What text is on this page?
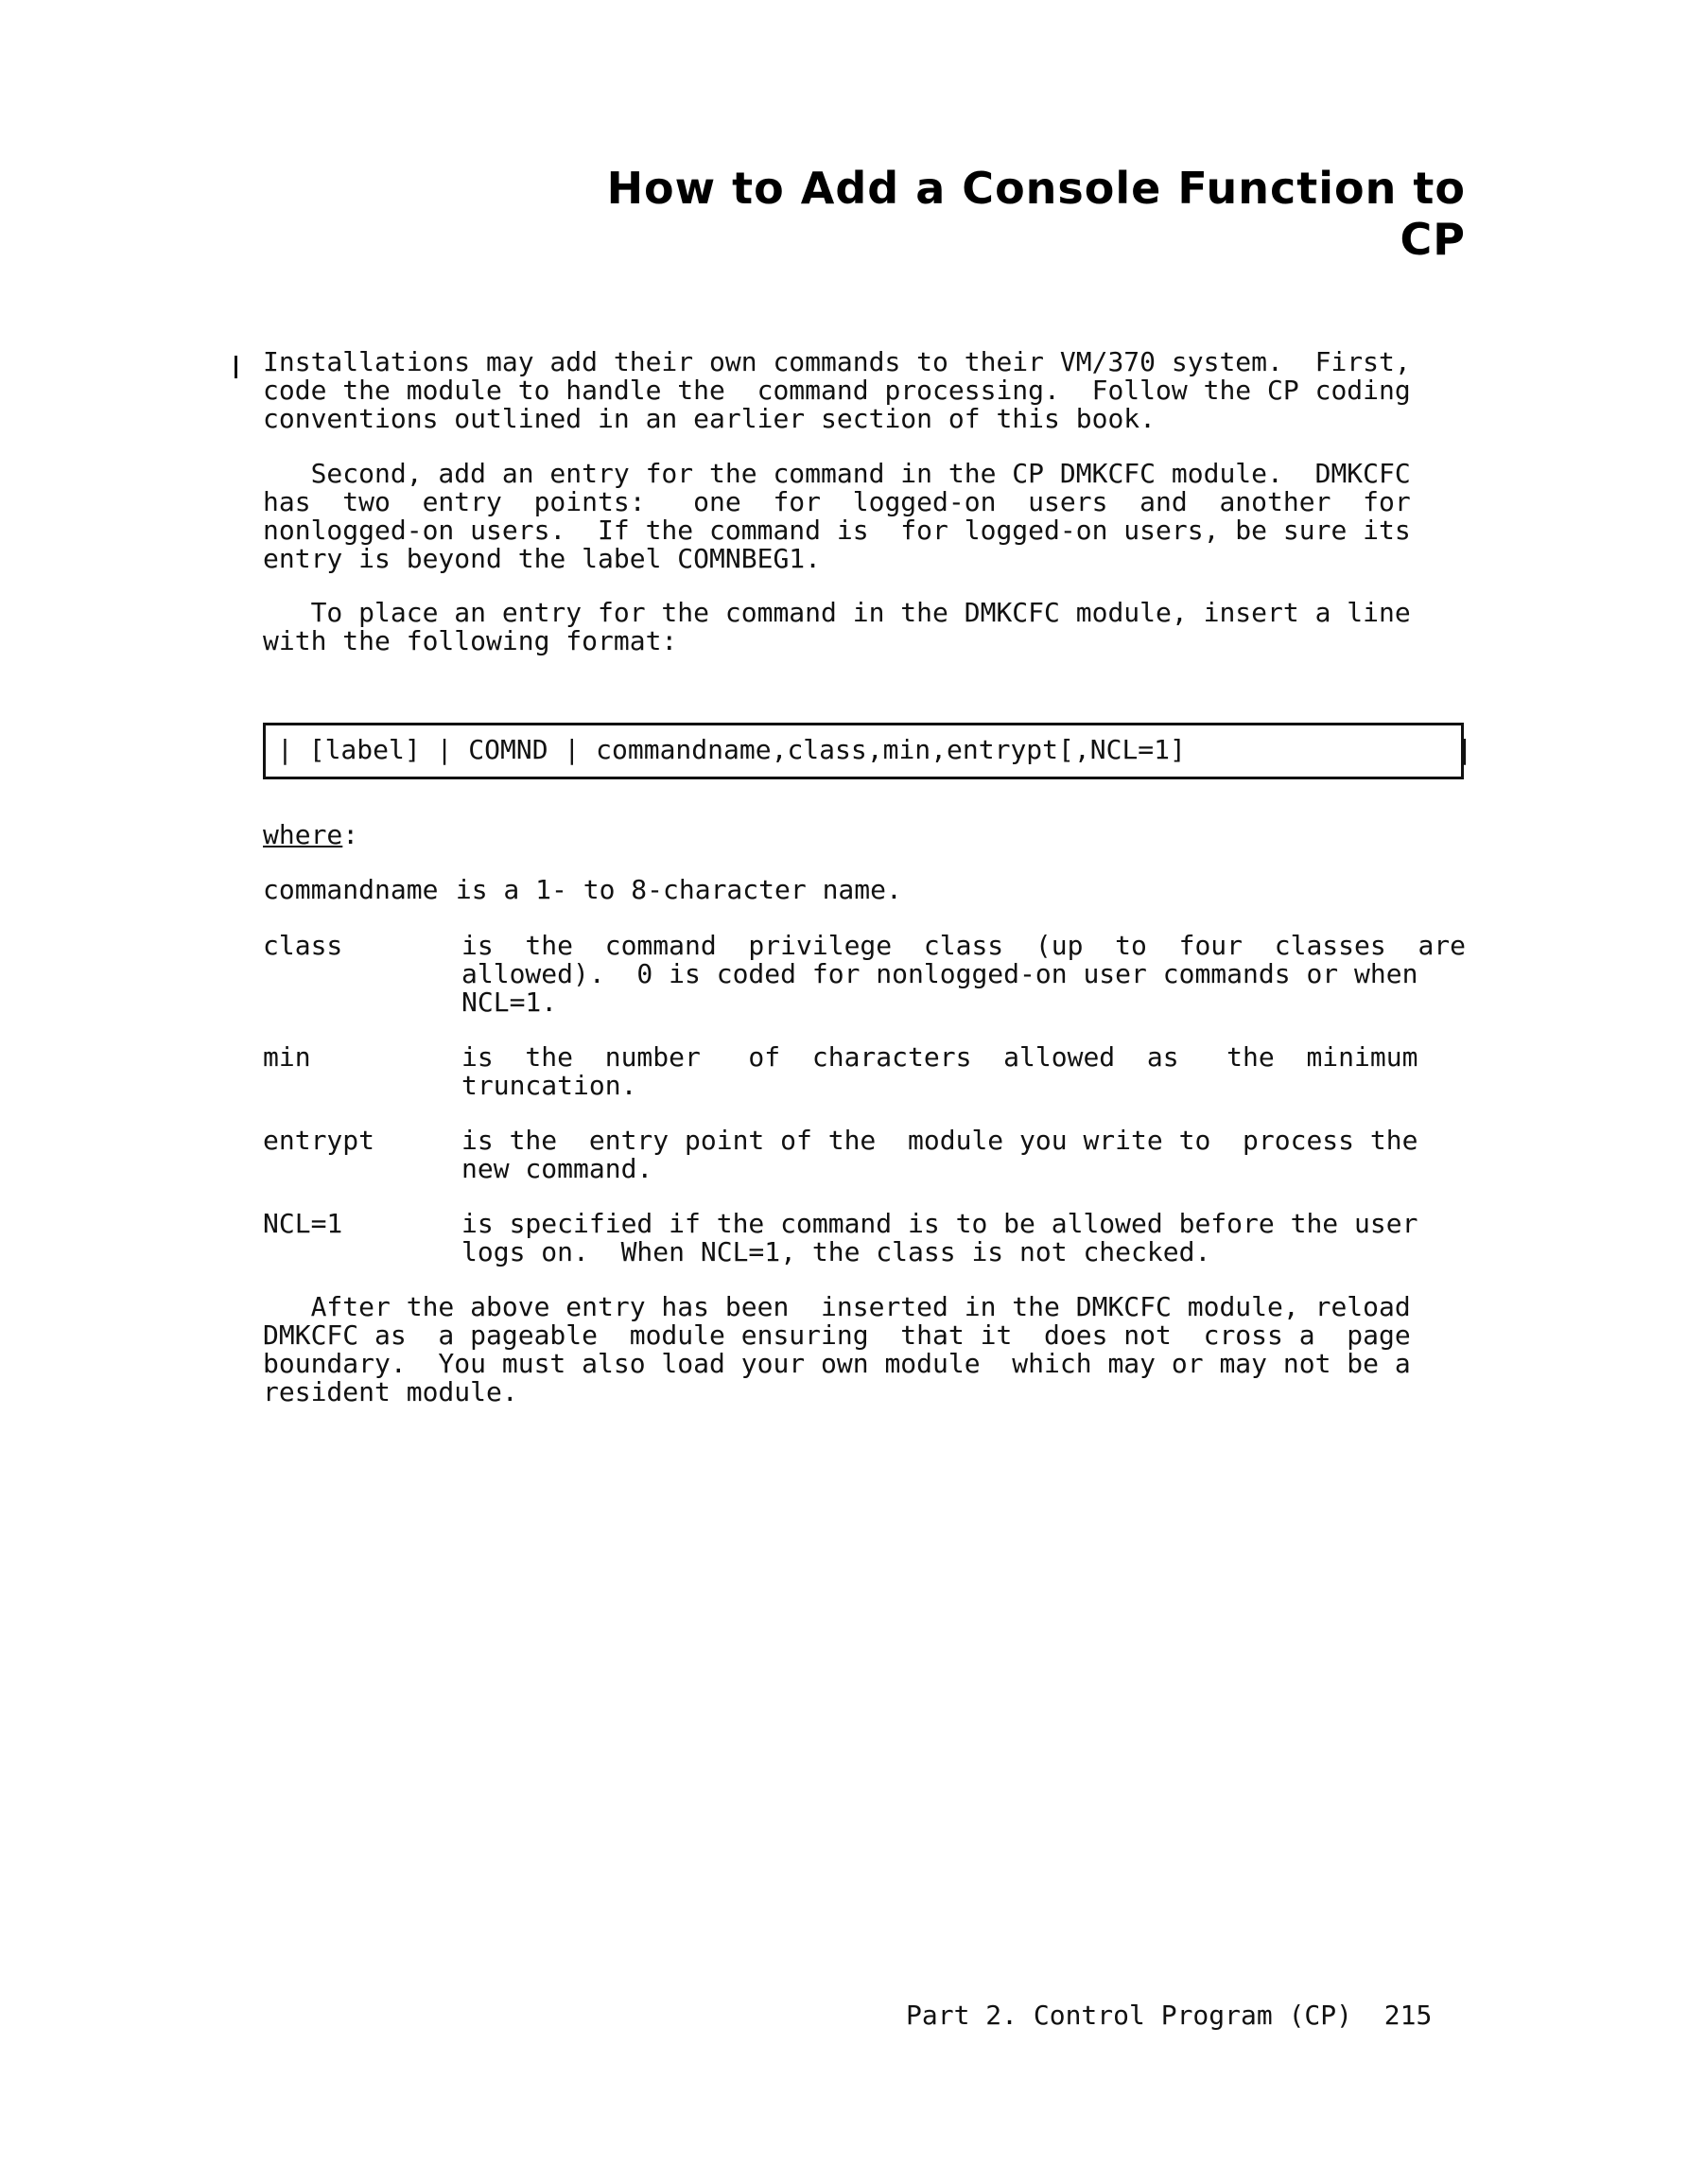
How to Add a Console Function to CP
Installations may add their own commands to their VM/370 system.  First,
code the module to handle the  command processing.  Follow the CP coding
conventions outlined in an earlier section of this book.
Second, add an entry for the command in the CP DMKCFC module.  DMKCFC
has  two  entry  points:   one  for  logged-on  users  and  another  for
nonlogged-on users.  If the command is  for logged-on users, be sure its
entry is beyond the label COMNBEG1.
To place an entry for the command in the DMKCFC module, insert a line
with the following format:
| [label] | COMND | commandname,class,min,entrypt[,NCL=1]                 |
where:
commandname is a 1- to 8-character name.
class	is  the  command  privilege  class  (up  to  four  classes  are
allowed).  0 is coded for nonlogged-on user commands or when
NCL=1.
min	is  the  number   of  characters  allowed  as   the  minimum
truncation.
entrypt	is the  entry point of the  module you write to  process the
new command.
NCL=1	is specified if the command is to be allowed before the user
logs on.  When NCL=1, the class is not checked.
After the above entry has been  inserted in the DMKCFC module, reload
DMKCFC as  a pageable  module ensuring  that it  does not  cross a  page
boundary.  You must also load your own module  which may or may not be a
resident module.
Part 2. Control Program (CP)  215
